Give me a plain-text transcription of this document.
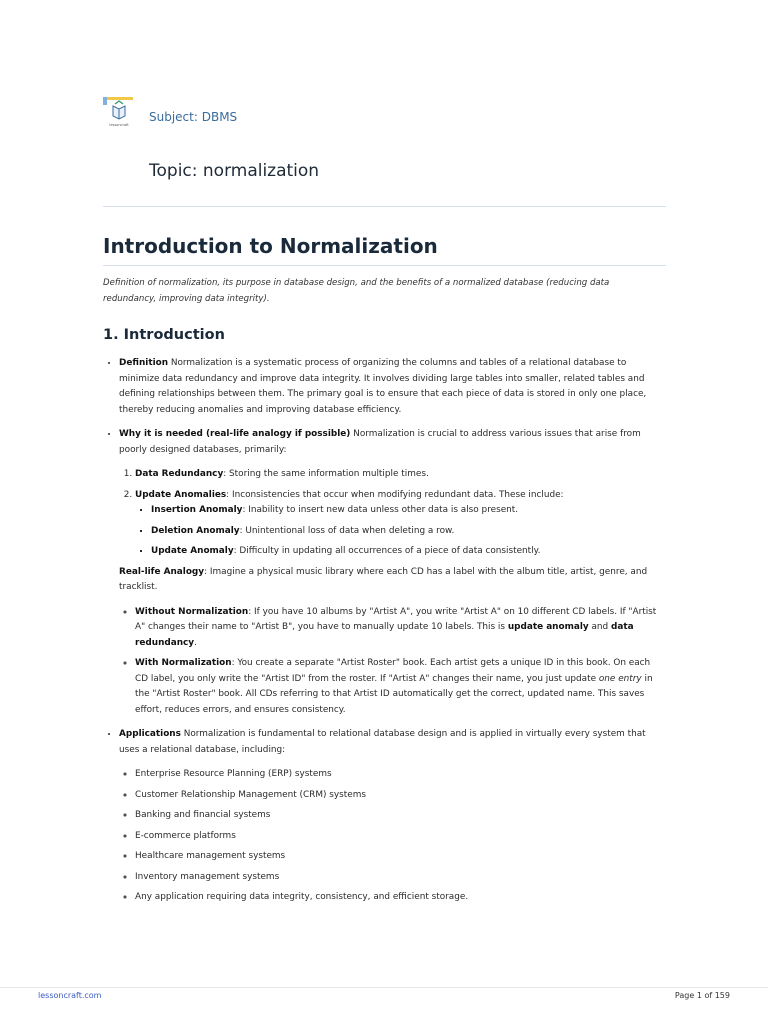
lessoncraft
Subject: DBMS
Topic: normalization
Introduction to Normalization

Definition of normalization, its purpose in database design, and the benefits of a normalized database (reducing data redundancy, improving data integrity).

1. Introduction
• Definition Normalization is a systematic process of organizing the columns and tables of a relational database to minimize data redundancy and improve data integrity. It involves dividing large tables into smaller, related tables and defining relationships between them. The primary goal is to ensure that each piece of data is stored in only one place, thereby reducing anomalies and improving database efficiency.
• Why it is needed (real-life analogy if possible) Normalization is crucial to address various issues that arise from poorly designed databases, primarily:
1. Data Redundancy: Storing the same information multiple times.
2. Update Anomalies: Inconsistencies that occur when modifying redundant data. These include:
▪ Insertion Anomaly: Inability to insert new data unless other data is also present.
▪ Deletion Anomaly: Unintentional loss of data when deleting a row.
▪ Update Anomaly: Difficulty in updating all occurrences of a piece of data consistently.

Real-life Analogy: Imagine a physical music library where each CD has a label with the album title, artist, genre, and tracklist.

◦ Without Normalization: If you have 10 albums by "Artist A", you write "Artist A" on 10 different CD labels. If "Artist A" changes their name to "Artist B", you have to manually update 10 labels. This is update anomaly and data redundancy.
◦ With Normalization: You create a separate "Artist Roster" book. Each artist gets a unique ID in this book. On each CD label, you only write the "Artist ID" from the roster. If "Artist A" changes their name, you just update one entry in the "Artist Roster" book. All CDs referring to that Artist ID automatically get the correct, updated name. This saves effort, reduces errors, and ensures consistency.
• Applications Normalization is fundamental to relational database design and is applied in virtually every system that uses a relational database, including:
◦ Enterprise Resource Planning (ERP) systems
◦ Customer Relationship Management (CRM) systems
◦ Banking and financial systems
◦ E-commerce platforms
◦ Healthcare management systems
◦ Inventory management systems
◦ Any application requiring data integrity, consistency, and efficient storage.
lessoncraft.com	Page 1 of 159
